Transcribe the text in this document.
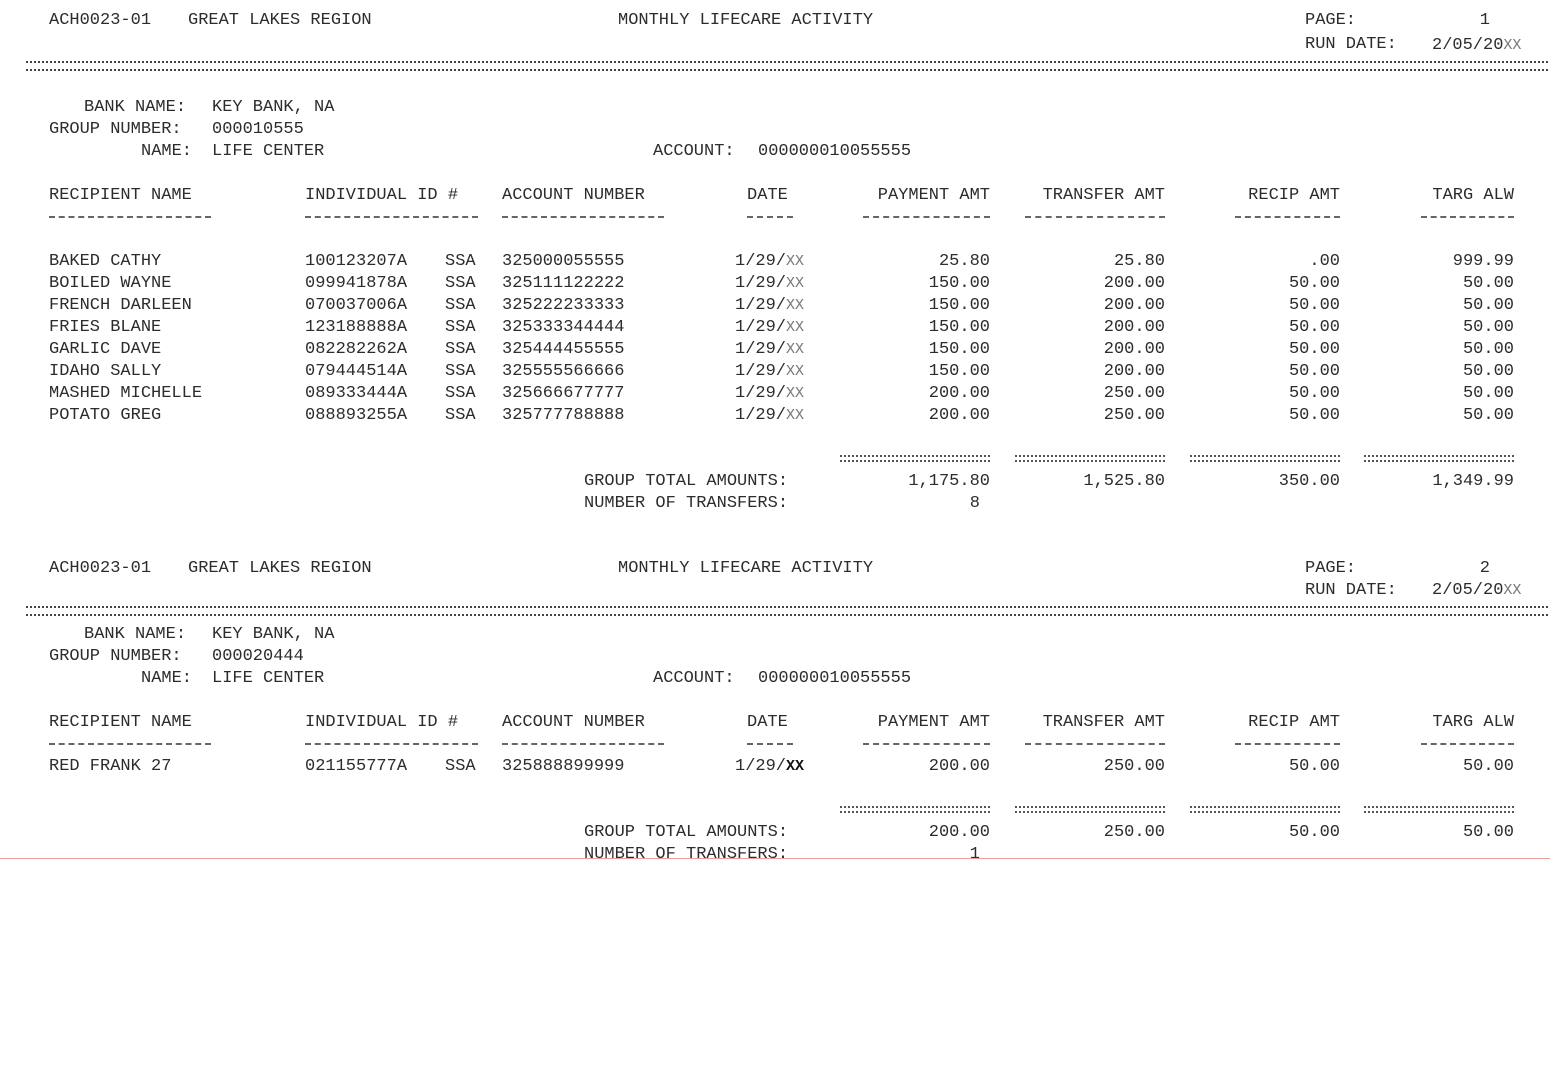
ACH0023-01 GREAT LAKES REGION	MONTHLY LIFECARE ACTIVITY	PAGE:	1
RUN DATE: 2/05/20XX
BANK NAME: KEY BANK, NA
GROUP NUMBER: 000010555
NAME: LIFE CENTER	ACCOUNT: 000000010055555
RECIPIENT NAME	INDIVIDUAL ID #	ACCOUNT NUMBER	DATE	PAYMENT AMT	TRANSFER AMT	RECIP AMT	TARG ALW
BAKED CATHY	100123207A SSA 325000055555	1/29/XX	25.80	25.80	.00	999.99
BOILED WAYNE	099941878A SSA 325111122222	1/29/XX	150.00	200.00	50.00	50.00
FRENCH DARLEEN	070037006A SSA 325222233333	1/29/XX	150.00	200.00	50.00	50.00
FRIES BLANE	123188888A SSA 325333344444	1/29/XX	150.00	200.00	50.00	50.00
GARLIC DAVE	082282262A SSA 325444455555	1/29/XX	150.00	200.00	50.00	50.00
IDAHO SALLY	079444514A SSA 325555566666	1/29/XX	150.00	200.00	50.00	50.00
MASHED MICHELLE	089333444A SSA 325666677777	1/29/XX	200.00	250.00	50.00	50.00
POTATO GREG	088893255A SSA 325777788888	1/29/XX	200.00	250.00	50.00	50.00
GROUP TOTAL AMOUNTS:	1,175.80	1,525.80	350.00	1,349.99
NUMBER OF TRANSFERS:	8
ACH0023-01 GREAT LAKES REGION	MONTHLY LIFECARE ACTIVITY	PAGE:	2
RUN DATE: 2/05/20XX
BANK NAME: KEY BANK, NA
GROUP NUMBER: 000020444
NAME: LIFE CENTER	ACCOUNT: 000000010055555
RECIPIENT NAME	INDIVIDUAL ID #	ACCOUNT NUMBER	DATE	PAYMENT AMT	TRANSFER AMT	RECIP AMT	TARG ALW
RED FRANK 27	021155777A SSA 325888899999	1/29/XX	200.00	250.00	50.00	50.00
GROUP TOTAL AMOUNTS:	200.00	250.00	50.00	50.00
NUMBER OF TRANSFERS:	1
